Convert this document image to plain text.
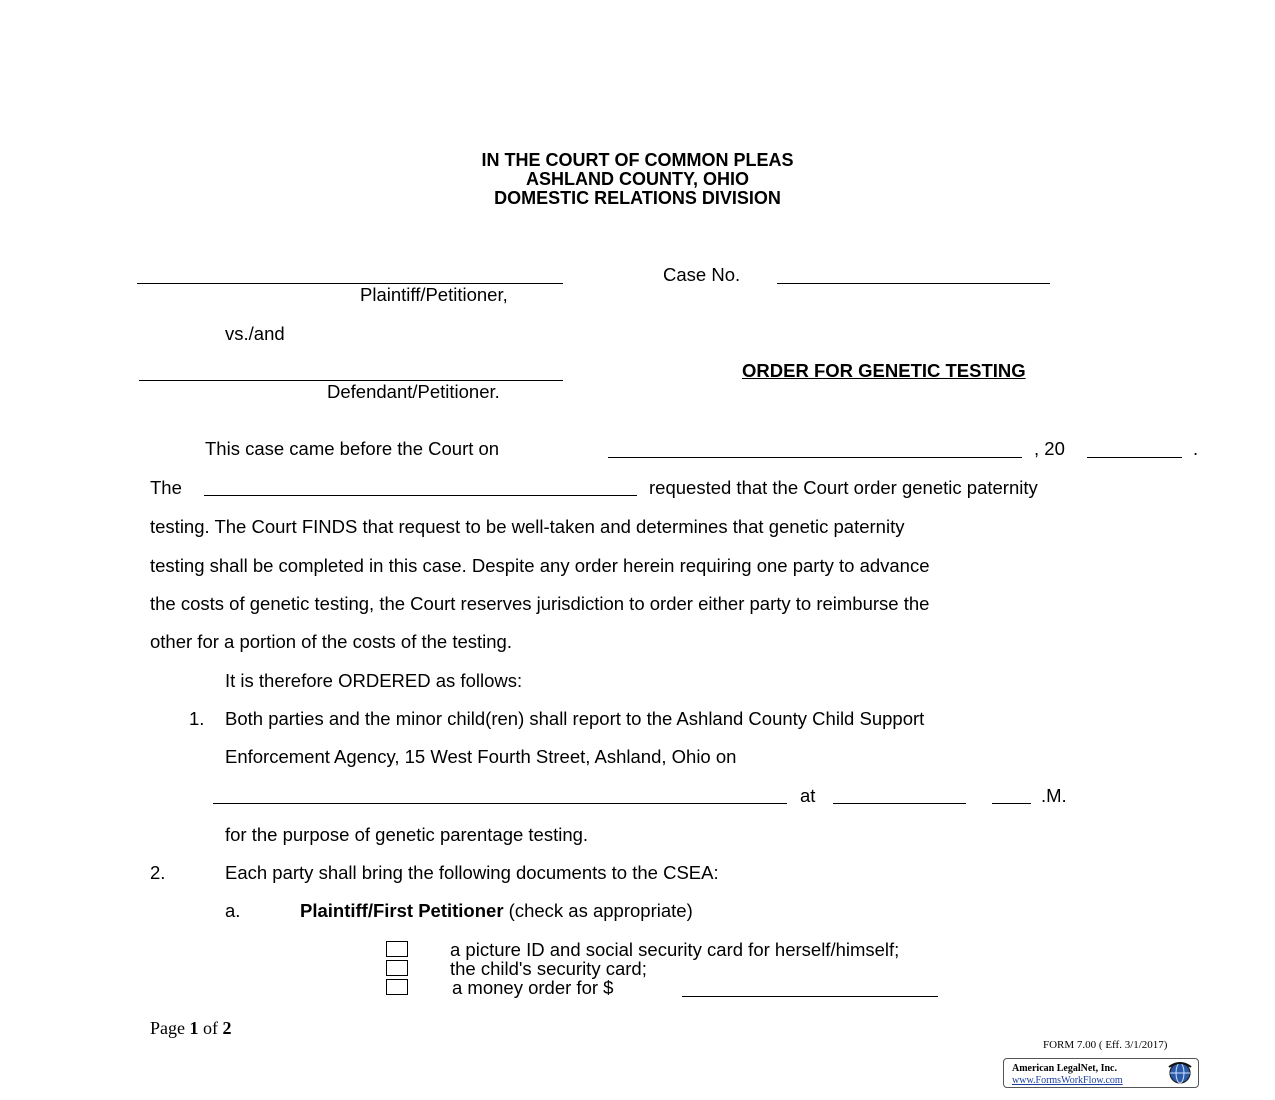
IN THE COURT OF COMMON PLEAS
ASHLAND COUNTY, OHIO
DOMESTIC RELATIONS DIVISION
Plaintiff/Petitioner,
Case No.
vs./and
Defendant/Petitioner.
ORDER FOR GENETIC TESTING
This case came before the Court on	, 20	.
The	requested that the Court order genetic paternity
testing. The Court FINDS that request to be well-taken and determines that genetic paternity
testing shall be completed in this case. Despite any order herein requiring one party to advance
the costs of genetic testing, the Court reserves jurisdiction to order either party to reimburse the
other for a portion of the costs of the testing.
It is therefore ORDERED as follows:
1. Both parties and the minor child(ren) shall report to the Ashland County Child Support
Enforcement Agency, 15 West Fourth Street, Ashland, Ohio on
at	.M.
for the purpose of genetic parentage testing.
2.	Each party shall bring the following documents to the CSEA:
a.	Plaintiff/First Petitioner (check as appropriate)
a picture ID and social security card for herself/himself;
the child's security card;
a money order for $
Page 1 of 2
FORM 7.00 ( Eff. 3/1/2017)
American LegalNet, Inc.
www.FormsWorkFlow.com
